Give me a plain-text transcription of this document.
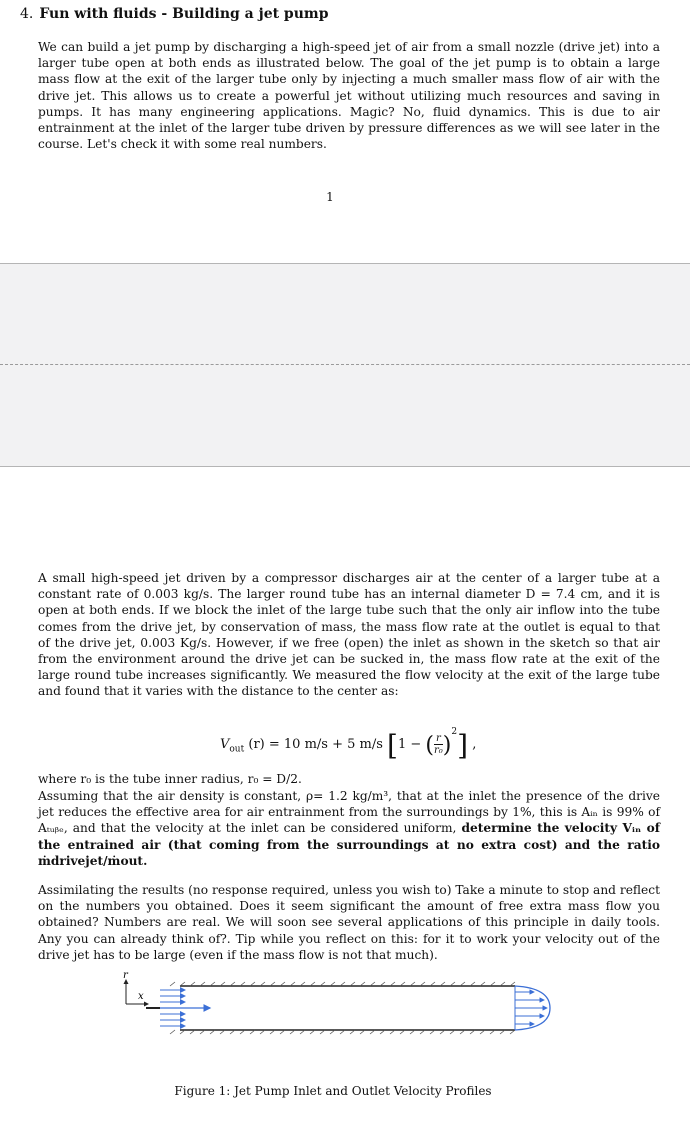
4. Fun with fluids - Building a jet pump

We can build a jet pump by discharging a high-speed jet of air from a small nozzle (drive jet) into a larger tube open at both ends as illustrated below. The goal of the jet pump is to obtain a large mass flow at the exit of the larger tube only by injecting a much smaller mass flow of air with the drive jet. This allows us to create a powerful jet without utilizing much resources and saving in pumps. It has many engineering applications. Magic? No, fluid dynamics. This is due to air entrainment at the inlet of the larger tube driven by pressure differences as we will see later in the course. Let's check it with some real numbers.

1

A small high-speed jet driven by a compressor discharges air at the center of a larger tube at a constant rate of 0.003 kg/s. The larger round tube has an internal diameter D = 7.4 cm, and it is open at both ends. If we block the inlet of the large tube such that the only air inflow into the tube comes from the drive jet, by conservation of mass, the mass flow rate at the outlet is equal to that of the drive jet, 0.003 Kg/s. However, if we free (open) the inlet as shown in the sketch so that air from the environment around the drive jet can be sucked in, the mass flow rate at the exit of the large round tube increases significantly. We measured the flow velocity at the exit of the large tube and found that it varies with the distance to the center as:

$V_{out}$ (r) = 10 m/s + 5 m/s [1 − ( $\frac{r}{\text{r₀}} )^2$] ,

where r₀ is the tube inner radius, r₀ = D/2.

Assuming that the air density is constant, ρ= 1.2 kg/m³, that at the inlet the presence of the drive jet reduces the effective area for air entrainment from the surroundings by 1%, this is Aᵢₙ is 99% of Aₜᵤᵦₑ, and that the velocity at the inlet can be considered uniform, determine the velocity Vᵢₙ of the entrained air (that coming from the surroundings at no extra cost) and the ratio ṁdrivejet/ṁout.

Assimilating the results (no response required, unless you wish to) Take a minute to stop and reflect on the numbers you obtained. Does it seem significant the amount of free extra mass flow you obtained? Numbers are real. We will soon see several applications of this principle in daily tools. Any you can already think of?. Tip while you reflect on this: for it to work your velocity out of the drive jet has to be large (even if the mass flow is not that much).

r
x
Figure 1: Jet Pump Inlet and Outlet Velocity Profiles
